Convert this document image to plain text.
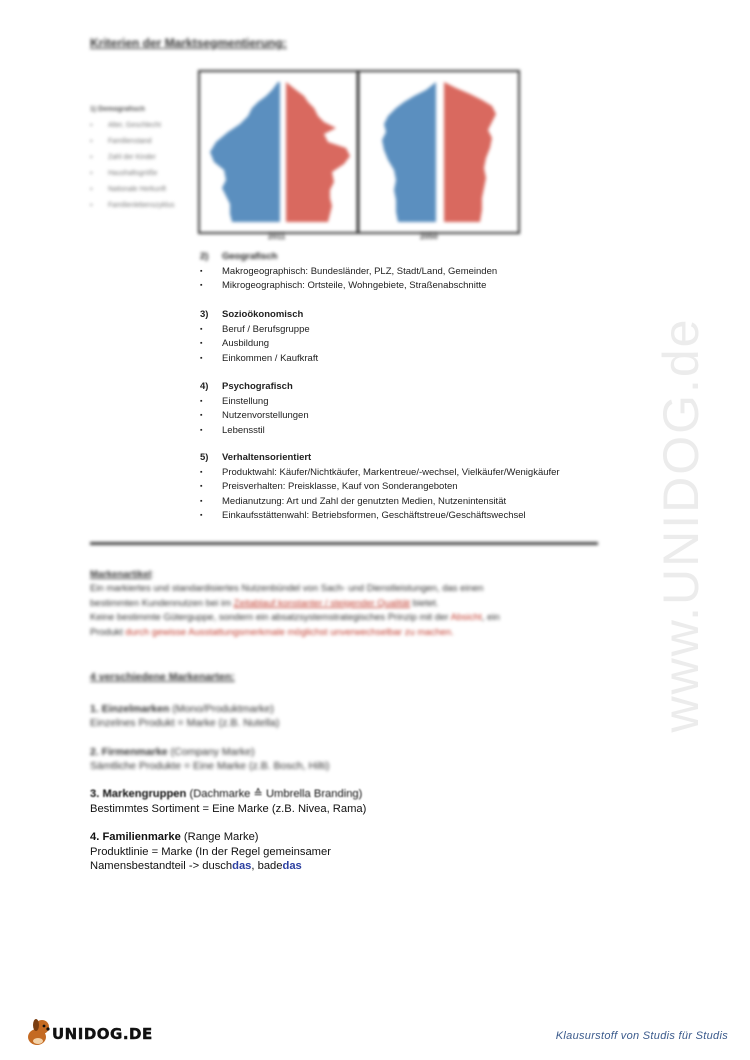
Kriterien der Marktsegmentierung:
1) Demografisch
▪ Alter, Geschlecht
▪ Familienstand
▪ Zahl der Kinder
▪ Haushaltsgröße
▪ Nationale Herkunft
▪ Familienlebenszyklus
2011	2050
2)	Geografisch
▪	Makrogeographisch: Bundesländer, PLZ, Stadt/Land, Gemeinden
▪	Mikrogeographisch: Ortsteile, Wohngebiete, Straßenabschnitte
3)	Sozioökonomisch
▪	Beruf / Berufsgruppe
▪	Ausbildung
▪	Einkommen / Kaufkraft
4)	Psychografisch
▪	Einstellung
▪	Nutzenvorstellungen
▪	Lebensstil
5)	Verhaltensorientiert
▪	Produktwahl: Käufer/Nichtkäufer, Markentreue/-wechsel, Vielkäufer/Wenigkäufer
▪	Preisverhalten: Preisklasse, Kauf von Sonderangeboten
▪	Medianutzung: Art und Zahl der genutzten Medien, Nutzenintensität
▪	Einkaufsstättenwahl: Betriebsformen, Geschäftstreue/Geschäftswechsel
Markenartikel:
Ein markiertes und standardisiertes Nutzenbündel von Sach- und Dienstleistungen, das einen
bestimmten Kundennutzen bei im Zeitablauf konstanter / steigender Qualität bietet.
Keine bestimmte Güterguppe, sondern ein absatzsystemstrategisches Prinzip mit der Absicht, ein
Produkt durch gewisse Ausstattungsmerkmale möglichst unverwechselbar zu machen.
4 verschiedene Markenarten:
1. Einzelmarken (Mono/Produktmarke)
Einzelnes Produkt = Marke (z.B. Nutella)
2. Firmenmarke (Company Marke)
Sämtliche Produkte = Eine Marke (z.B. Bosch, Hilti)
3. Markengruppen (Dachmarke ≙ Umbrella Branding)
Bestimmtes Sortiment = Eine Marke (z.B. Nivea, Rama)
4. Familienmarke (Range Marke)
Produktlinie = Marke (In der Regel gemeinsamer
Namensbestandteil -> duschdas, badedas
www.UNIDOG.de
UNIDOG.DE	Klausurstoff von Studis für Studis
